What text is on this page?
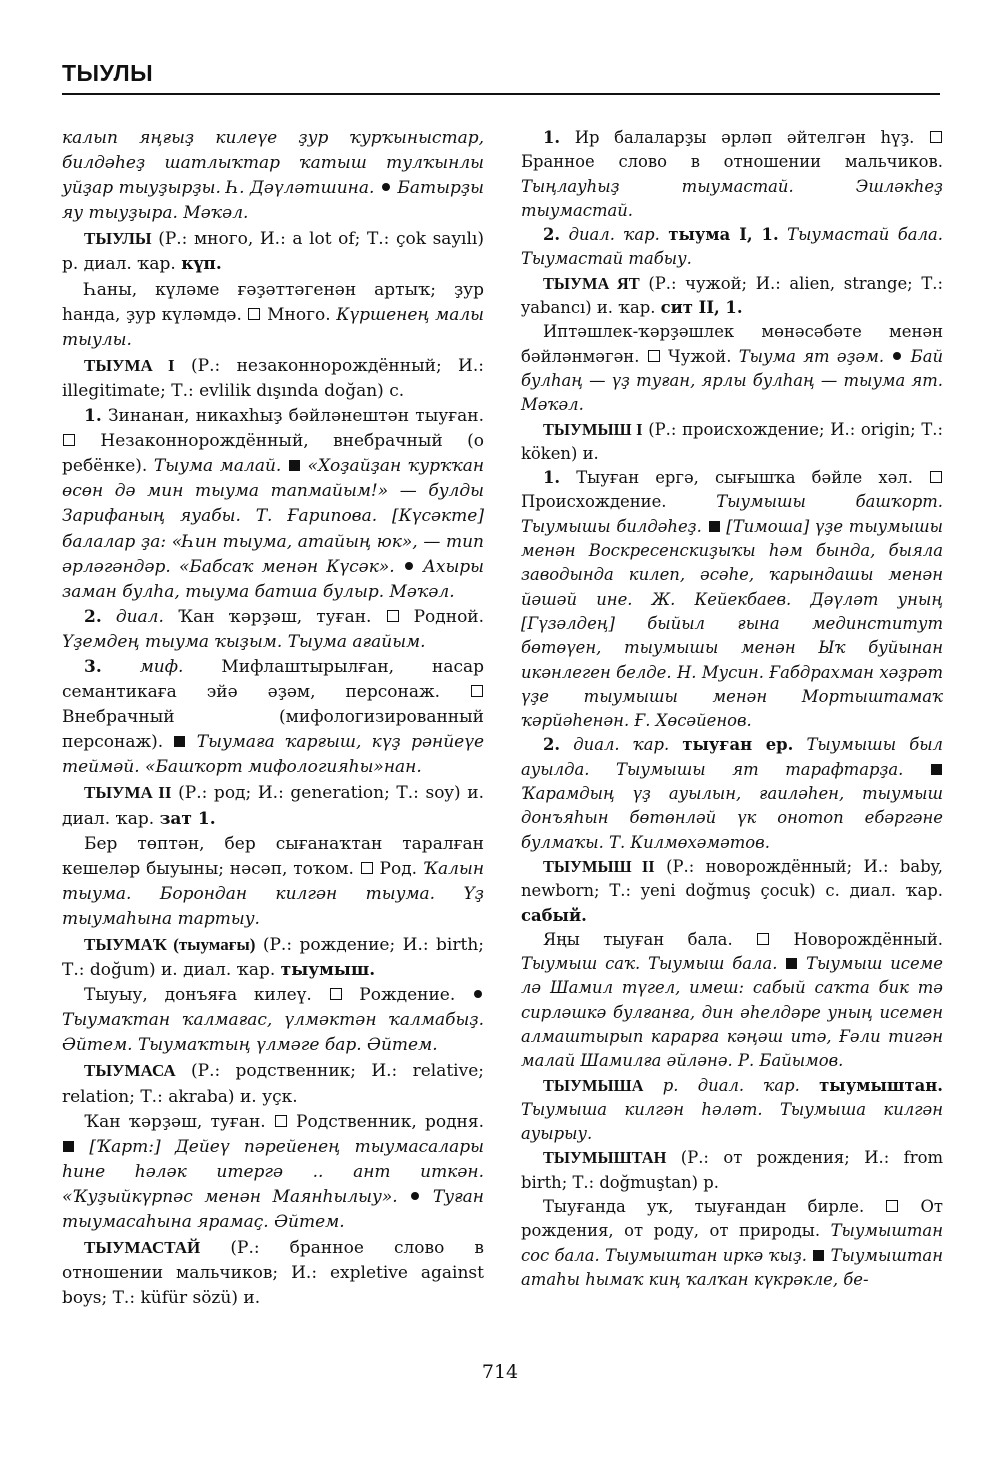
ТЫУЛЫ

калып яңғыҙ килеүе ҙур ҡурҡыныстар, билдәһеҙ шатлыҡтар ҡатыш тулҡынлы уйҙар тыуҙырҙы. Һ. Дәүләтшина. Батырҙы яу тыуҙыра. Мәҡәл.

ТЫУЛЫ (Р.: много, И.: a lot of; Т.: çok sayılı) р. диал. ҡар. күп.

Һаны, күләме ғәҙәттәгенән артыҡ; ҙур һанда, ҙур күләмдә. Много. Күршенең малы тыулы.

ТЫУМА I (Р.: незаконнорождённый; И.: illegitimate; Т.: evlilik dışında doğan) с.

1. Зинанан, никахһыҙ бәйләнештән тыуған.  Незаконнорождённый, внебрачный (о ребёнке). Тыума малай. «Хоҙайҙан ҡурҡҡан өсөн дә мин тыума тапмайым!» — булды Зарифаның яуабы. Т. Ғарипова. [Күсәкте] балалар ҙа: «Һин тыума, атайың юк», — тип әрләгәндәр. «Бабсаҡ менән Күсәк». Ахыры заман булһа, тыума батша булыр. Мәҡәл.

2. диал. Ҡан ҡәрҙәш, туған. Родной. Үҙемдең тыума ҡыҙым. Тыума ағайым.

3. миф. Мифлаштырылған, насар семантикаға эйә әҙәм, персонаж.  Внебрачный (мифологизированный персонаж). Тыумаға ҡарғыш, күҙ рәнйеүе теймәй. «Башҡорт мифологияһы»нан.

ТЫУМА II (Р.: род; И.: generation; Т.: soy) и. диал. ҡар. зат 1.

Бер төптән, бер сығанаҡтан таралған кешеләр быуыны; нәсәп, тоҡом. Род. Ҡалын тыума. Борондан килгән тыума. Үҙ тыумаһына тартыу.

ТЫУМАҠ (тыумағы) (Р.: рождение; И.: birth; Т.: doğum) и. диал. ҡар. тыумыш.

Тыуыу, донъяға килеү.	Рождение.  Тыумаҡтан ҡалмағас, үлмәктән ҡалмабыҙ. Әйтем. Тыумаҡтың үлмәге бар. Әйтем.

ТЫУМАСА (Р.: родственник; И.: relative; relation; Т.: akraba) и. уҫк.

Ҡан ҡәрҙәш, туған. Родственник, родня.  [Ҡарт:] Дейеү пәрейенең тыумасалары һине һәләк итергә .. ант иткән. «Ҡуҙыйкүрпәс менән Маянһылыу». Туған тыумасаһына ярамаҫ. Әйтем.

ТЫУМАСТАЙ (Р.: бранное слово в отношении мальчиков; И.: expletive against boys; Т.: küfür sözü) и.

1. Ир балаларҙы әрләп әйтелгән һүҙ.  Бранное слово в отношении мальчиков. Тыңлауһыҙ тыумастай. Эшләкһеҙ тыумастай.

2. диал. ҡар. тыума I, 1. Тыумастай бала. Тыумастай табыу.

ТЫУМА ЯТ (Р.: чужой; И.: alien, strange; Т.: yabancı) и. ҡар. сит II, 1.

Иптәшлек-ҡәрҙәшлек мөнәсәбәте менән бәйләнмәгән. Чужой. Тыума ят әҙәм. Бай булһаң — үҙ туған, ярлы булһаң — тыума ят. Мәҡәл.

ТЫУМЫШ I (Р.: происхождение; И.: origin; Т.: köken) и.

1. Тыуған ергә, сығышҡа бәйле хәл.  Происхождение.	Тыумышы башҡорт. Тыумышы билдәһеҙ. [Тимоша] үҙе тыумышы менән Воскресенскиҙыҡы һәм бында, быяла заводында килеп, әсәһе, ҡарындашы менән йәшәй ине. Ж. Кейекбаев. Дәүләт уның [Гүзәлдең] быйыл ғына мединститут бөтөүен, тыумышы менән Ыҡ буйынан икәнлеген белде. Н. Мусин. Ғабдрахман хәҙрәт үҙе тыумышы менән Мортыштамаҡ ҡәрйәһенән. Ғ. Хөсәйенов.

2. диал. ҡар. тыуған ер. Тыумышы был ауылда. Тыумышы ят тарафтарҙа.  Ҡарамдың үҙ ауылын, ғаиләһен, тыумыш донъяһын бөтөнләй үк онотоп ебәргәне булмаҡы. Т. Килмөхәмәтов.

ТЫУМЫШ II (Р.: новорождённый; И.: baby, newborn; Т.: yeni doğmuş çocuk) с. диал. ҡар. сабый.

Яңы тыуған бала.	Новорождённый. Тыумыш саҡ. Тыумыш бала. Тыумыш исеме лә Шамил түгел, имеш: сабый саҡта бик тә сирләшкә булғанға, дин әһелдәре уның исемен алмаштырып карарға кәңәш итә, Ғәли тигән малай Шамилға әйләнә. Р. Байымов.

ТЫУМЫША р. диал. ҡар. тыумыштан. Тыумыша килгән һәләт. Тыумыша килгән ауырыу.

ТЫУМЫШТАН (Р.: от рождения; И.: from birth; Т.: doğmuştan) р.

Тыуғанда уҡ, тыуғандан бирле.	От рождения, от роду, от природы. Тыумыштан сос бала. Тыумыштан иркә ҡыҙ. Тыумыштан атаһы һымаҡ киң ҡалҡан күкрәкле, бе-

714
